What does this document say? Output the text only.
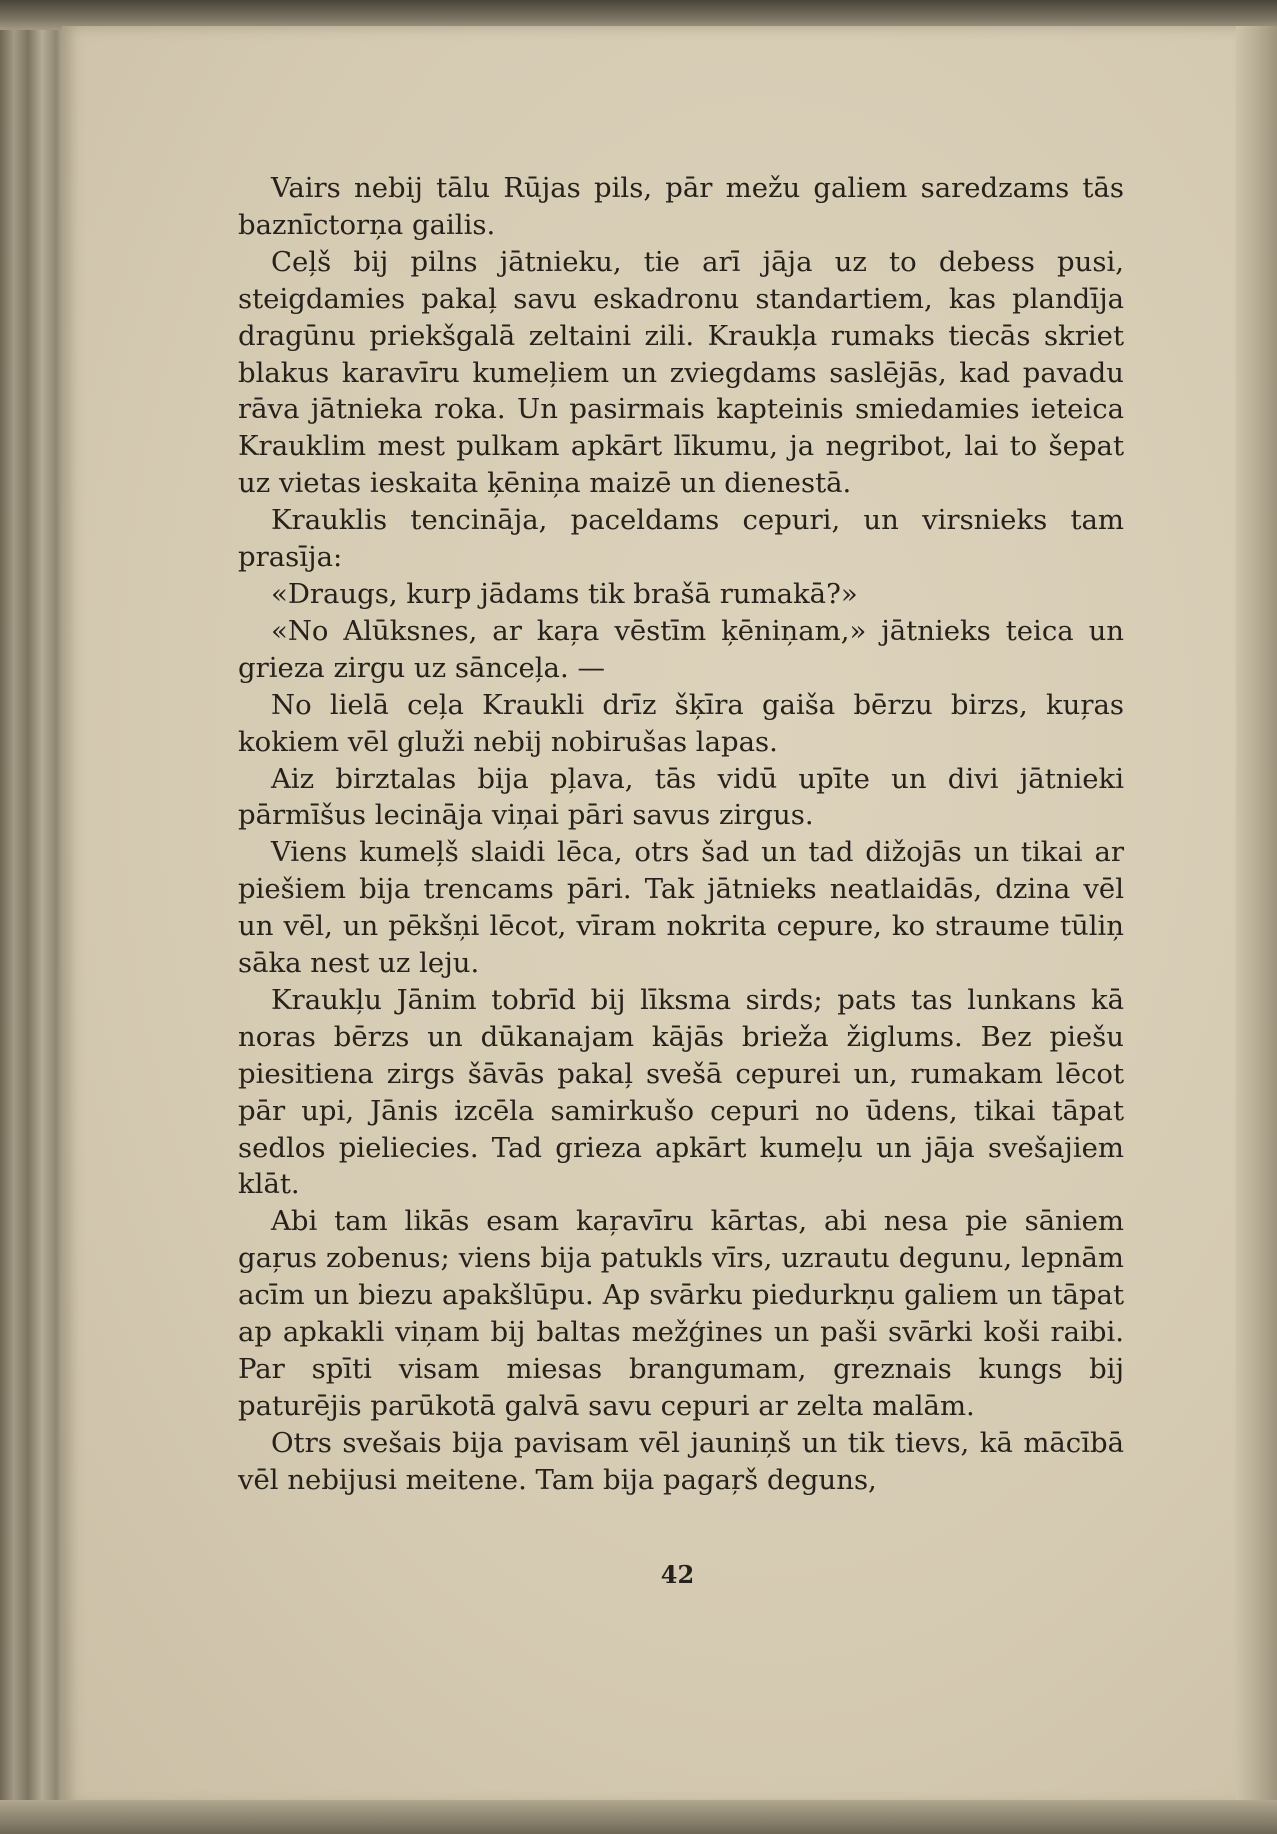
Vairs nebij tālu Rūjas pils, pār mežu galiem saredzams tās baznīctorņa gailis.

Ceļš bij pilns jātnieku, tie arī jāja uz to debess pusi, steigdamies pakaļ savu eskadronu standartiem, kas plandīja dragūnu priekšgalā zeltaini zili. Kraukļa rumaks tiecās skriet blakus karavīru kumeļiem un zviegdams saslējās, kad pavadu rāva jātnieka roka. Un pasirmais kapteinis smiedamies ieteica Krauklim mest pulkam apkārt līkumu, ja negribot, lai to šepat uz vietas ieskaita ķēniņa maizē un dienestā.

Krauklis tencināja, paceldams cepuri, un virsnieks tam prasīja:

«Draugs, kurp jādams tik brašā rumakā?»

«No Alūksnes, ar kaŗa vēstīm ķēniņam,» jātnieks teica un grieza zirgu uz sānceļa. —

No lielā ceļa Kraukli drīz šķīra gaiša bērzu birzs, kuŗas kokiem vēl gluži nebij nobirušas lapas.

Aiz birztalas bija pļava, tās vidū upīte un divi jātnieki pārmīšus lecināja viņai pāri savus zirgus.

Viens kumeļš slaidi lēca, otrs šad un tad dižojās un tikai ar piešiem bija trencams pāri. Tak jātnieks neatlaidās, dzina vēl un vēl, un pēkšņi lēcot, vīram nokrita cepure, ko straume tūliņ sāka nest uz leju.

Kraukļu Jānim tobrīd bij līksma sirds; pats tas lunkans kā noras bērzs un dūkanajam kājās brieža žiglums. Bez piešu piesitiena zirgs šāvās pakaļ svešā cepurei un, rumakam lēcot pār upi, Jānis izcēla samirkušo cepuri no ūdens, tikai tāpat sedlos pieliecies. Tad grieza apkārt kumeļu un jāja svešajiem klāt.

Abi tam likās esam kaŗavīru kārtas, abi nesa pie sāniem gaŗus zobenus; viens bija patukls vīrs, uzrautu degunu, lepnām acīm un biezu apakšlūpu. Ap svārku piedurkņu galiem un tāpat ap apkakli viņam bij baltas mežģines un paši svārki koši raibi. Par spīti visam miesas brangumam, greznais kungs bij paturējis parūkotā galvā savu cepuri ar zelta malām.

Otrs svešais bija pavisam vēl jauniņš un tik tievs, kā mācībā vēl nebijusi meitene. Tam bija pagaŗš deguns,

42
